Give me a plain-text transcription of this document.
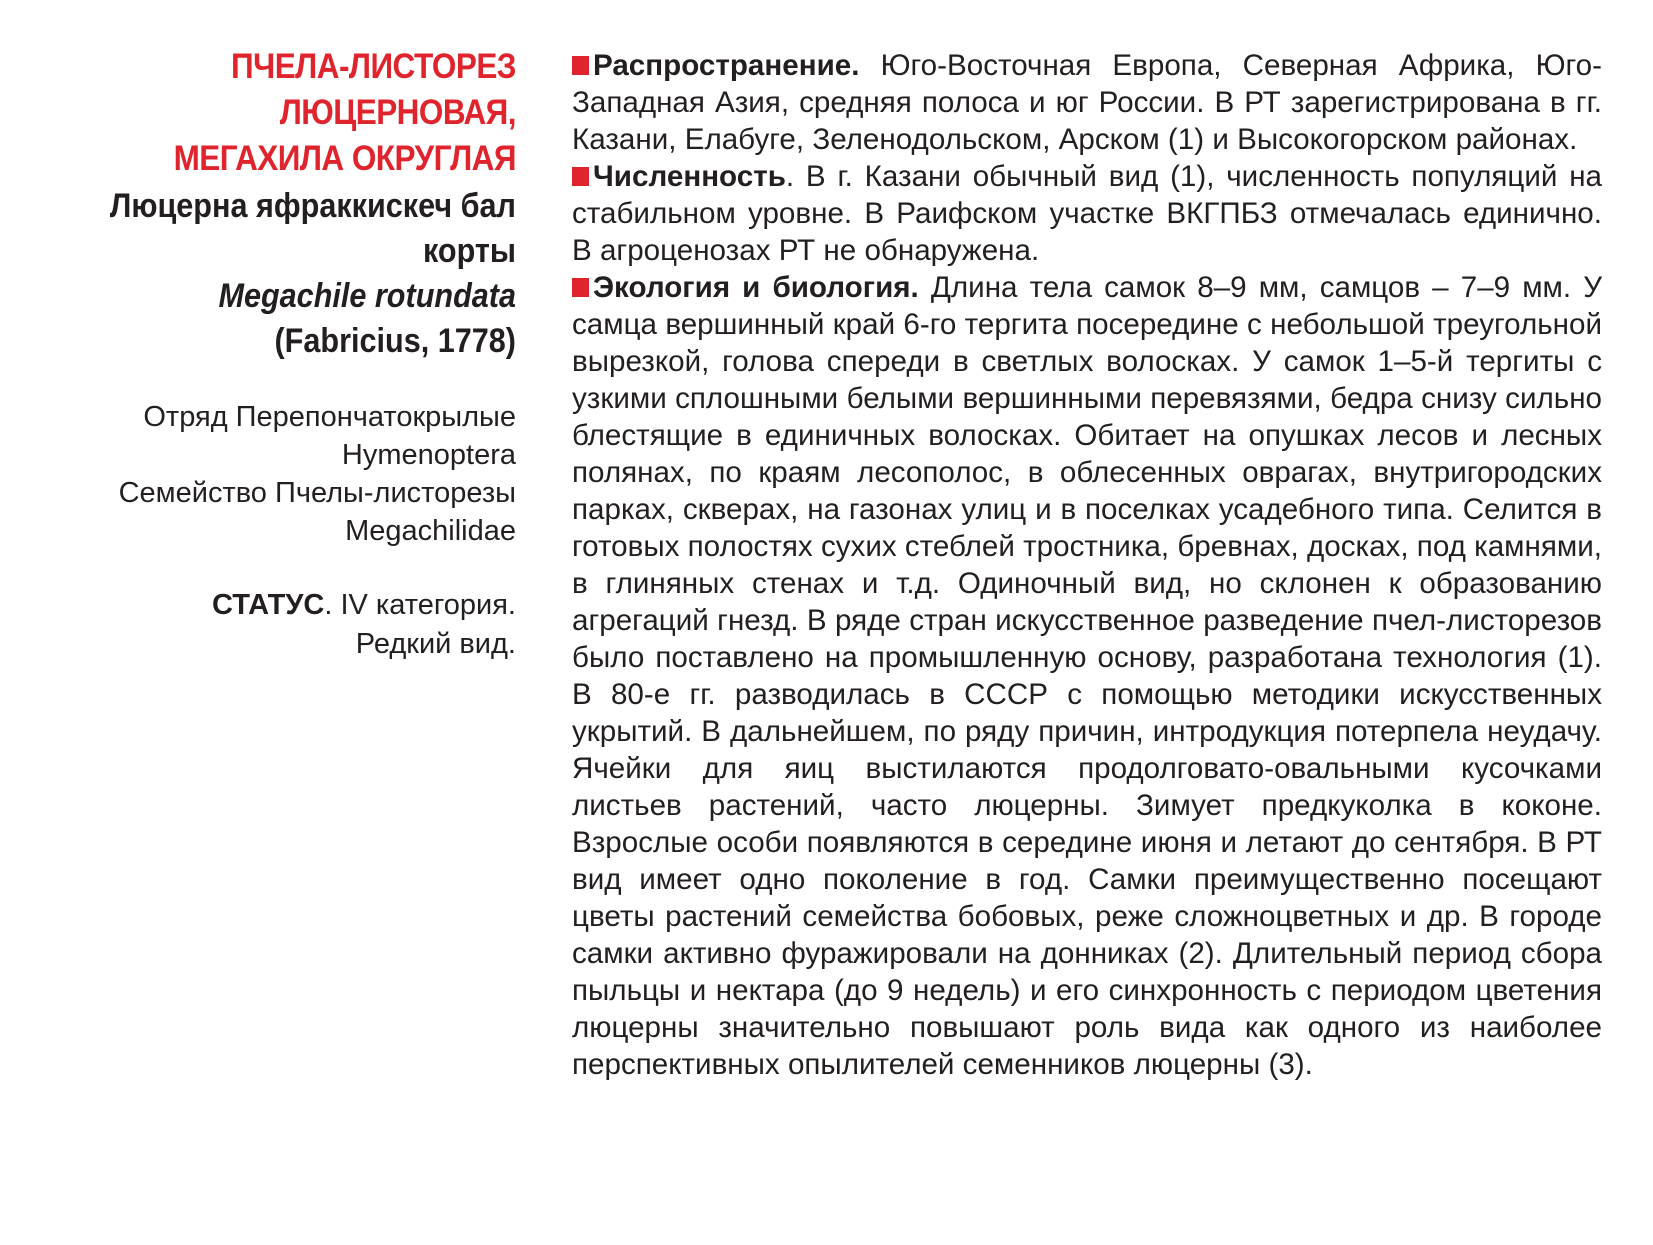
ПЧЕЛА-ЛИСТОРЕЗ
ЛЮЦЕРНОВАЯ,
МЕГАХИЛА ОКРУГЛАЯ
Люцерна яфраккискеч бал
корты
Megachile rotundata
(Fabricius, 1778)
Отряд Перепончатокрылые
Hymenoptera
Семейство Пчелы-листорезы
Megachilidae
СТАТУС. IV категория.
Редкий вид.

Распространение. Юго-Восточная Европа, Северная Африка, Юго-Западная Азия, средняя полоса и юг России. В РТ зарегистрирована в гг. Казани, Елабуге, Зеленодольском, Арском (1) и Высокогорском районах.

Численность. В г. Казани обычный вид (1), численность популяций на стабильном уровне. В Раифском участке ВКГПБЗ отмечалась единично. В агроценозах РТ не обнаружена.

Экология и биология. Длина тела самок 8–9 мм, самцов – 7–9 мм. У самца вершинный край 6-го тергита посередине с небольшой треугольной вырезкой, голова спереди в светлых волосках. У самок 1–5-й тергиты с узкими сплошными белыми вершинными перевязями, бедра снизу сильно блестящие в единичных волосках. Обитает на опушках лесов и лесных полянах, по краям лесополос, в облесенных оврагах, внутригородских парках, скверах, на газонах улиц и в поселках усадебного типа. Селится в готовых полостях сухих стеблей тростника, бревнах, досках, под камнями, в глиняных стенах и т.д. Одиночный вид, но склонен к образованию агрегаций гнезд. В ряде стран искусственное разведение пчел-листорезов было поставлено на промышленную основу, разработана технология (1). В 80-е гг. разводилась в СССР с помощью методики искусственных укрытий. В дальнейшем, по ряду причин, интродукция потерпела неудачу. Ячейки для яиц выстилаются продолговато-овальными кусочками листьев растений, часто люцерны. Зимует предкуколка в коконе. Взрослые особи появляются в середине июня и летают до сентября. В РТ вид имеет одно поколение в год. Самки преимущественно посещают цветы растений семейства бобовых, реже сложноцветных и др. В городе самки активно фуражировали на донниках (2). Длительный период сбора пыльцы и нектара (до 9 недель) и его синхронность с периодом цветения люцерны значительно повышают роль вида как одного из наиболее перспективных опылителей семенников люцерны (3).
